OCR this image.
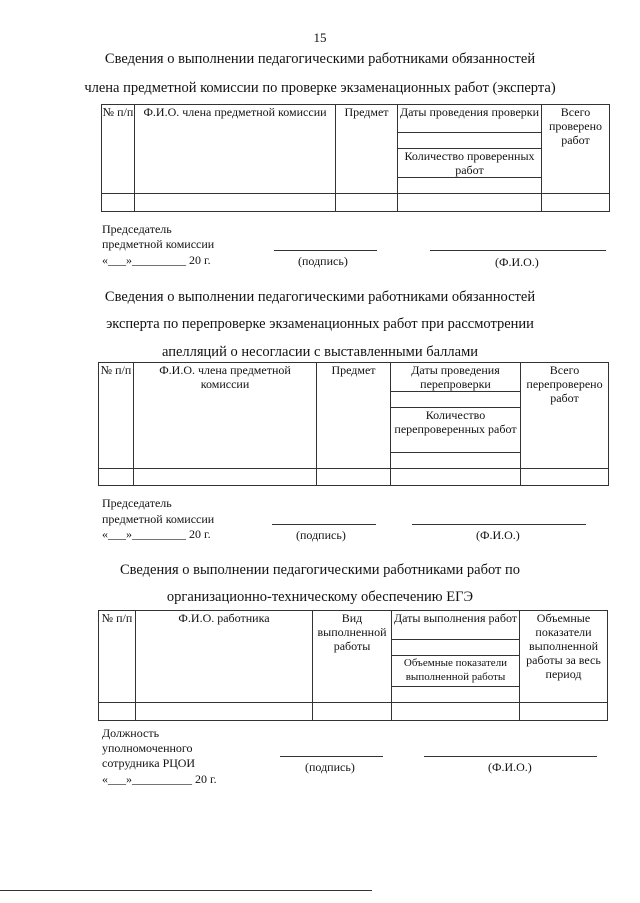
15
Сведения о выполнении педагогическими работниками обязанностей
члена предметной комиссии по проверке экзаменационных работ (эксперта)
№ п/п	Ф.И.О. члена предметной комиссии	Предмет	Даты проведения проверки	Всего проверено работ

			Количество проверенных работ	

Председатель
предметной комиссии
«___»_________ 20 г.	(подпись)	(Ф.И.О.)
Сведения о выполнении педагогическими работниками обязанностей
эксперта по перепроверке экзаменационных работ при рассмотрении
апелляций о несогласии с выставленными баллами
№ п/п	Ф.И.О. члена предметной комиссии	Предмет	Даты проведения перепроверки	Всего перепроверено работ

			Количество перепроверенных работ	

Председатель
предметной комиссии
«___»_________ 20 г.	(подпись)	(Ф.И.О.)
Сведения о выполнении педагогическими работниками работ по
организационно-техническому обеспечению ЕГЭ
№ п/п	Ф.И.О. работника	Вид выполненной работы	Даты выполнения работ	Объемные показатели выполненной работы за весь период

			Объемные показатели выполненной работы	

Должность
уполномоченного
сотрудника РЦОИ
«___»__________ 20 г.
(подпись)	(Ф.И.О.)
